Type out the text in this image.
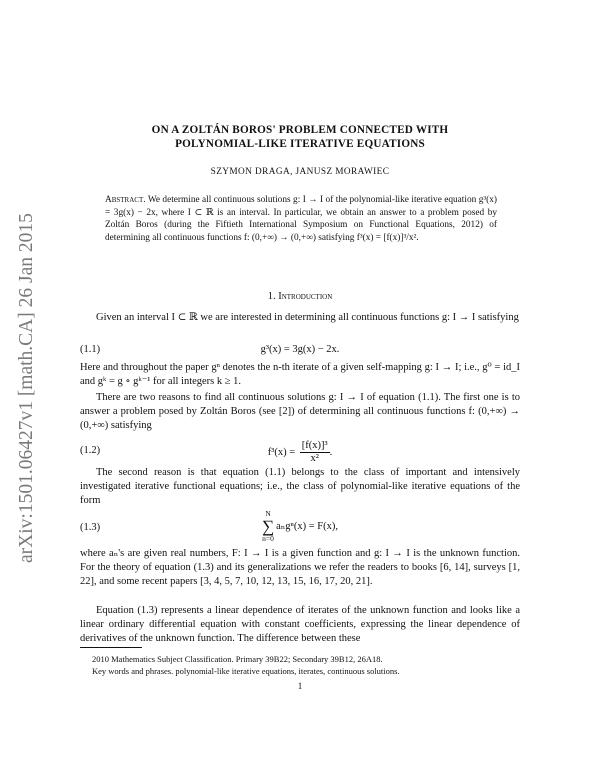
arXiv:1501.06427v1 [math.CA] 26 Jan 2015
ON A ZOLTÁN BOROS' PROBLEM CONNECTED WITH
POLYNOMIAL-LIKE ITERATIVE EQUATIONS
SZYMON DRAGA, JANUSZ MORAWIEC
Abstract. We determine all continuous solutions g: I → I of the polynomial-like iterative equation g³(x) = 3g(x) − 2x, where I ⊂ ℝ is an interval. In particular, we obtain an answer to a problem posed by Zoltán Boros (during the Fiftieth International Symposium on Functional Equations, 2012) of determining all continuous functions f: (0,+∞) → (0,+∞) satisfying f³(x) = [f(x)]³/x².
1. Introduction
Given an interval I ⊂ ℝ we are interested in determining all continuous functions g: I → I satisfying
(1.1)	g³(x) = 3g(x) − 2x.
Here and throughout the paper gⁿ denotes the n-th iterate of a given self-mapping g: I → I; i.e., g⁰ = id_I and gᵏ = g ∘ gᵏ⁻¹ for all integers k ≥ 1.
There are two reasons to find all continuous solutions g: I → I of equation (1.1). The first one is to answer a problem posed by Zoltán Boros (see [2]) of determining all continuous functions f: (0,+∞) → (0,+∞) satisfying
(1.2)	$f^3(x) = \frac{\text{[f(x)]³}}{\text{x²}}$ .
The second reason is that equation (1.1) belongs to the class of important and intensively investigated iterative functional equations; i.e., the class of polynomial-like iterative equations of the form
(1.3)
N
∑
n=0
aₙgⁿ(x) = F(x),
where aₙ's are given real numbers, F: I → I is a given function and g: I → I is the unknown function. For the theory of equation (1.3) and its generalizations we refer the readers to books [6, 14], surveys [1, 22], and some recent papers [3, 4, 5, 7, 10, 12, 13, 15, 16, 17, 20, 21].
Equation (1.3) represents a linear dependence of iterates of the unknown function and looks like a linear ordinary differential equation with constant coefficients, expressing the linear dependence of derivatives of the unknown function. The difference between these
2010 Mathematics Subject Classification. Primary 39B22; Secondary 39B12, 26A18.
Key words and phrases. polynomial-like iterative equations, iterates, continuous solutions.
1
